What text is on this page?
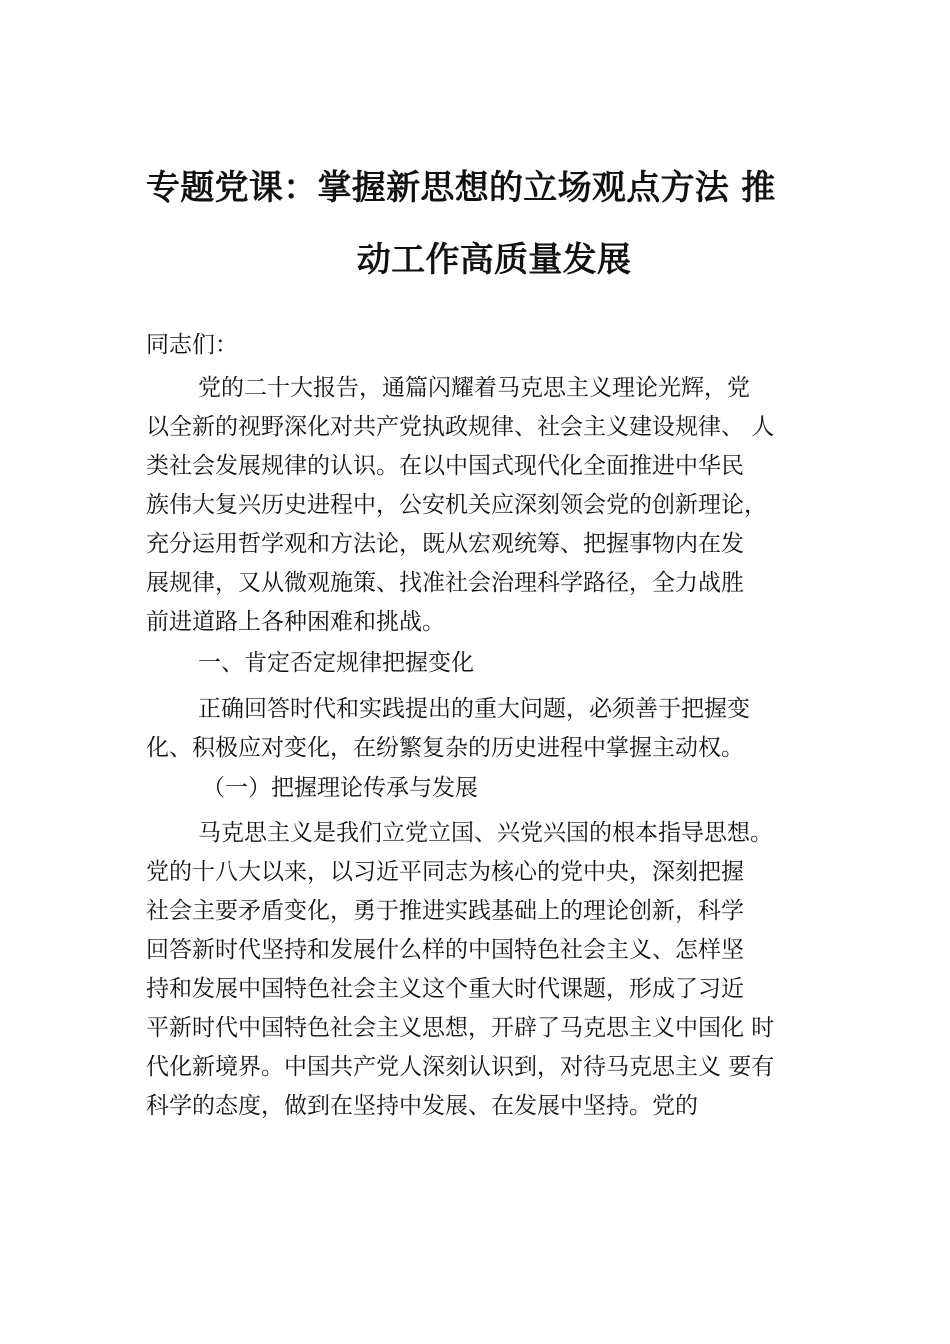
专题党课：掌握新思想的立场观点方法 推
动工作高质量发展
同志们：
党的二十大报告，通篇闪耀着马克思主义理论光辉，党
以全新的视野深化对共产党执政规律、社会主义建设规律、 人
类社会发展规律的认识。在以中国式现代化全面推进中华民
族伟大复兴历史进程中，公安机关应深刻领会党的创新理论，
充分运用哲学观和方法论，既从宏观统筹、把握事物内在发
展规律，又从微观施策、找准社会治理科学路径，全力战胜
前进道路上各种困难和挑战。
一、肯定否定规律把握变化
正确回答时代和实践提出的重大问题，必须善于把握变
化、积极应对变化，在纷繁复杂的历史进程中掌握主动权。
（一）把握理论传承与发展
马克思主义是我们立党立国、兴党兴国的根本指导思想。
党的十八大以来，以习近平同志为核心的党中央，深刻把握
社会主要矛盾变化，勇于推进实践基础上的理论创新，科学
回答新时代坚持和发展什么样的中国特色社会主义、怎样坚
持和发展中国特色社会主义这个重大时代课题，形成了习近
平新时代中国特色社会主义思想，开辟了马克思主义中国化 时
代化新境界。中国共产党人深刻认识到，对待马克思主义 要有
科学的态度，做到在坚持中发展、在发展中坚持。党的
